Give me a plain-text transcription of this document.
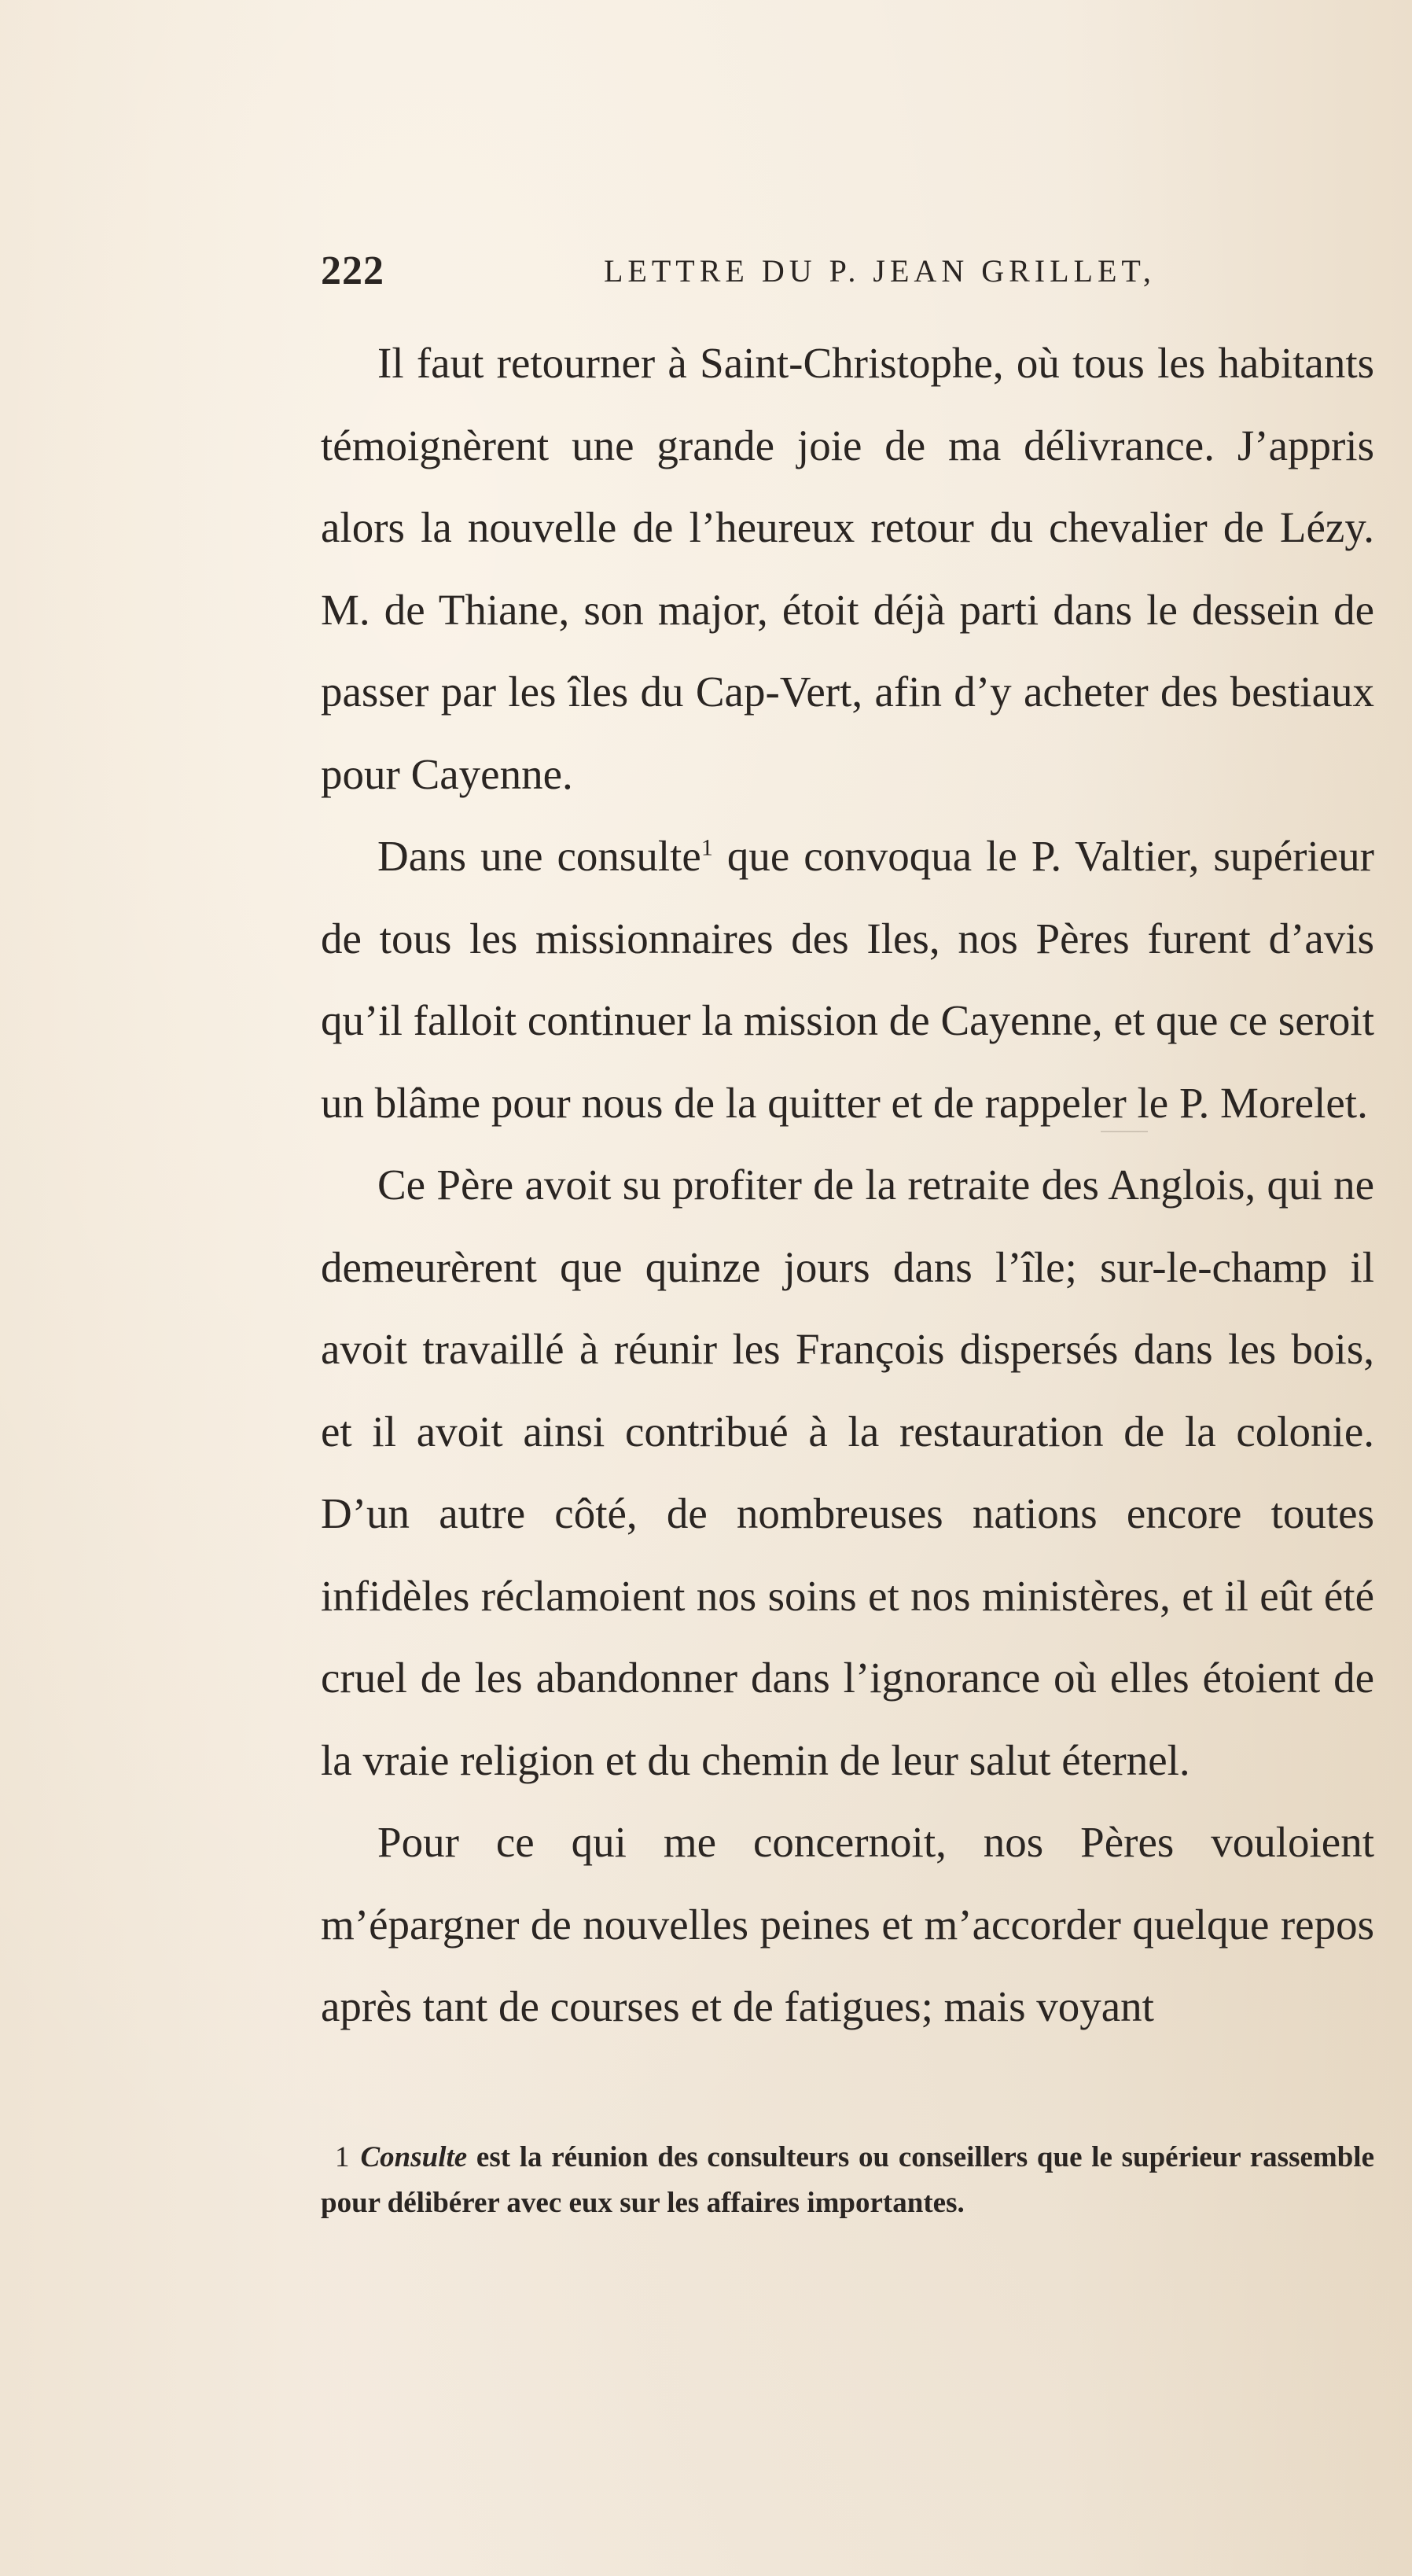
222	LETTRE DU P. JEAN GRILLET,

Il faut retourner à Saint-Christophe, où tous les habitants témoignèrent une grande joie de ma délivrance. J’appris alors la nouvelle de l’heureux retour du chevalier de Lézy. M. de Thiane, son major, étoit déjà parti dans le dessein de passer par les îles du Cap-Vert, afin d’y acheter des bestiaux pour Cayenne.

Dans une consulte$^1$ que convoqua le P. Valtier, supérieur de tous les missionnaires des Iles, nos Pères furent d’avis qu’il falloit continuer la mission de Cayenne, et que ce seroit un blâme pour nous de la quitter et de rappeler le P. Morelet.

Ce Père avoit su profiter de la retraite des Anglois, qui ne demeurèrent que quinze jours dans l’île; sur-le-champ il avoit travaillé à réunir les François dispersés dans les bois, et il avoit ainsi contribué à la restauration de la colonie. D’un autre côté, de nombreuses nations encore toutes infidèles réclamoient nos soins et nos ministères, et il eût été cruel de les abandonner dans l’ignorance où elles étoient de la vraie religion et du chemin de leur salut éternel.

Pour ce qui me concernoit, nos Pères vouloient m’épargner de nouvelles peines et m’accorder quelque repos après tant de courses et de fatigues; mais voyant

1 Consulte est la réunion des consulteurs ou conseillers que le supérieur rassemble pour délibérer avec eux sur les affaires importantes.
